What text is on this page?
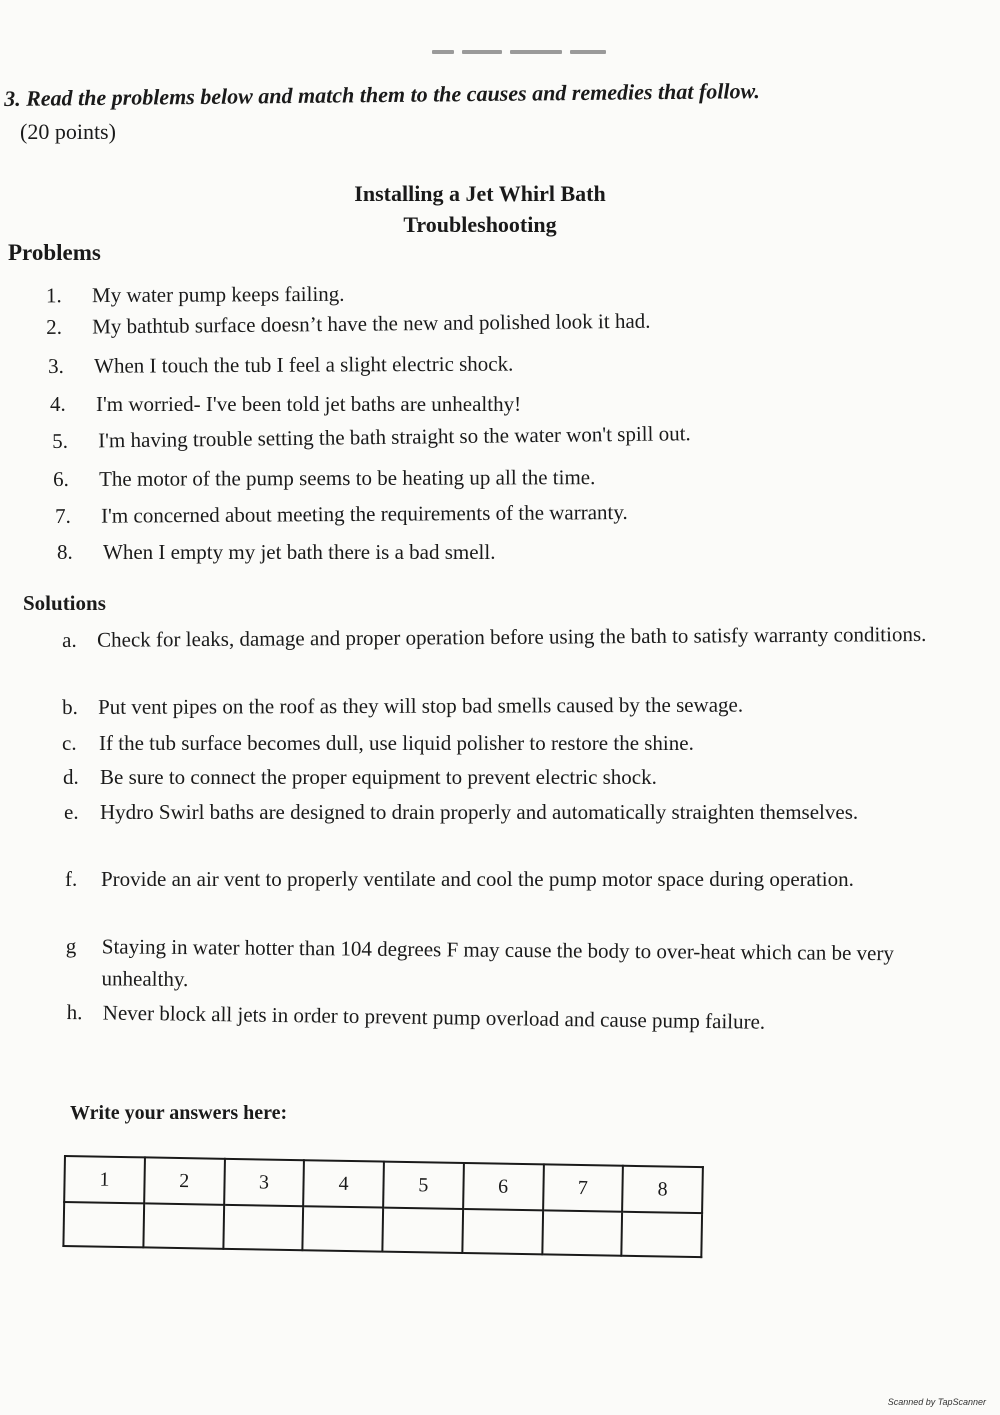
3. Read the problems below and match them to the causes and remedies that follow.

(20 points)
Installing a Jet Whirl Bath
Troubleshooting
Problems
1.	My water pump keeps failing.
2.	My bathtub surface doesn’t have the new and polished look it had.
3.	When I touch the tub I feel a slight electric shock.
4.	I'm worried- I've been told jet baths are unhealthy!
5.	I'm having trouble setting the bath straight so the water won't spill out.
6.	The motor of the pump seems to be heating up all the time.
7.	I'm concerned about meeting the requirements of the warranty.
8.	When I empty my jet bath there is a bad smell.
Solutions
a. Check for leaks, damage and proper operation before using the bath to satisfy warranty conditions.
b. Put vent pipes on the roof as they will stop bad smells caused by the sewage.
c.	If the tub surface becomes dull, use liquid polisher to restore the shine.
d.	Be sure to connect the proper equipment to prevent electric shock.
e.	Hydro Swirl baths are designed to drain properly and automatically straighten themselves.
f.	Provide an air vent to properly ventilate and cool the pump motor space during operation.
g	Staying in water hotter than 104 degrees F may cause the body to over-heat which can be very unhealthy.
h. Never block all jets in order to prevent pump overload and cause pump failure.
Write your answers here:
1	2	3	4	5	6	7	8

Scanned by TapScanner
